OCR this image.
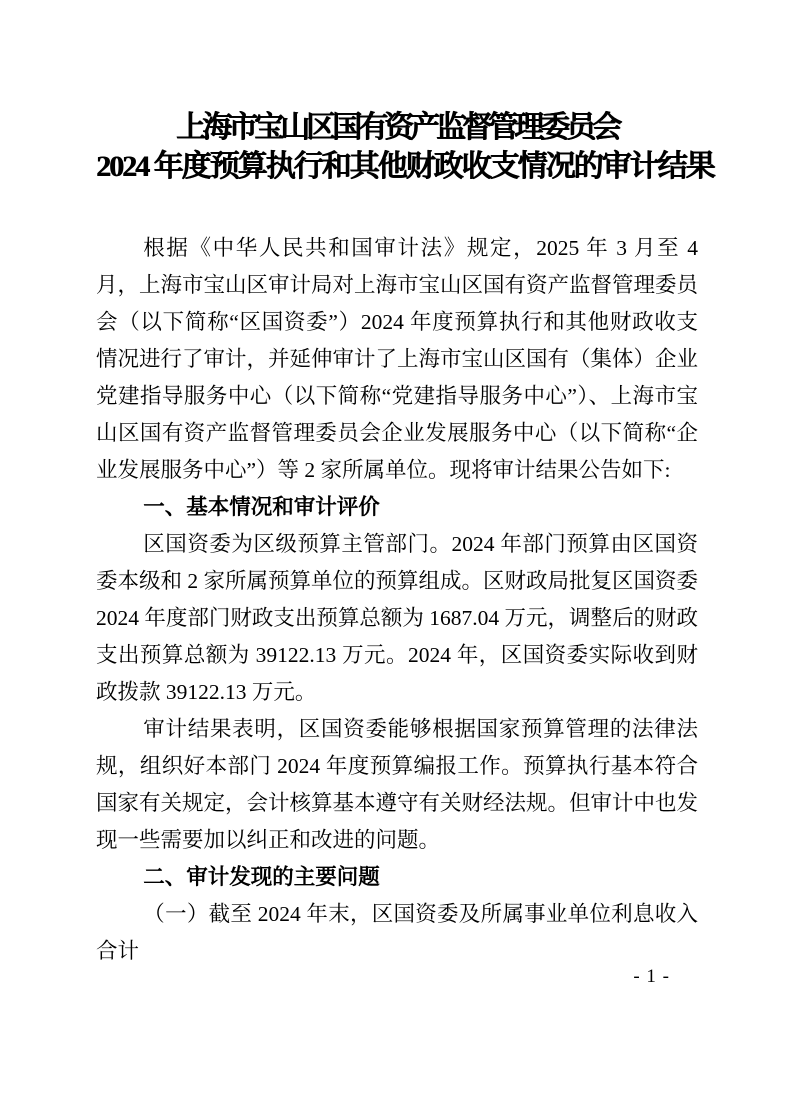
上海市宝山区国有资产监督管理委员会
2024 年度预算执行和其他财政收支情况的审计结果

根据《中华人民共和国审计法》规定，2025 年 3 月至 4 月，上海市宝山区审计局对上海市宝山区国有资产监督管理委员会（以下简称“区国资委”）2024 年度预算执行和其他财政收支情况进行了审计，并延伸审计了上海市宝山区国有（集体）企业党建指导服务中心（以下简称“党建指导服务中心”）、上海市宝山区国有资产监督管理委员会企业发展服务中心（以下简称“企业发展服务中心”）等 2 家所属单位。现将审计结果公告如下:

一、基本情况和审计评价

区国资委为区级预算主管部门。2024 年部门预算由区国资委本级和 2 家所属预算单位的预算组成。区财政局批复区国资委 2024 年度部门财政支出预算总额为 1687.04 万元，调整后的财政支出预算总额为 39122.13 万元。2024 年，区国资委实际收到财政拨款 39122.13 万元。

审计结果表明，区国资委能够根据国家预算管理的法律法规，组织好本部门 2024 年度预算编报工作。预算执行基本符合国家有关规定，会计核算基本遵守有关财经法规。但审计中也发现一些需要加以纠正和改进的问题。

二、审计发现的主要问题

（一）截至 2024 年末，区国资委及所属事业单位利息收入合计

- 1 -
